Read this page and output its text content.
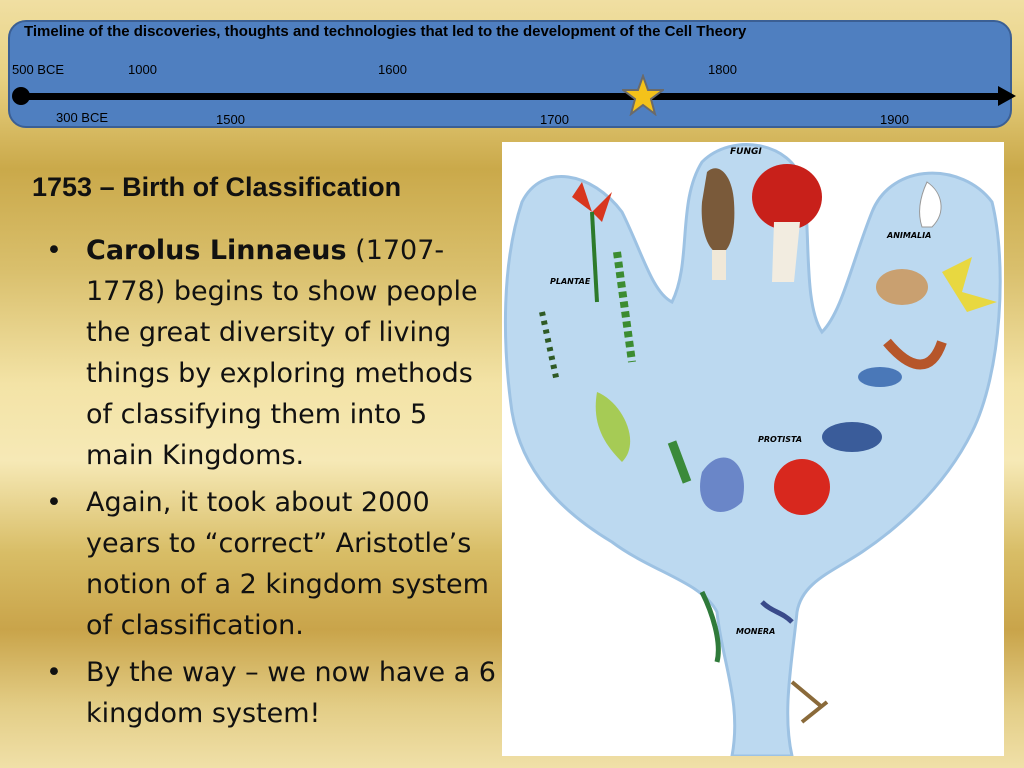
Timeline of the discoveries, thoughts and technologies that led to the development of the Cell Theory
500 BCE	1000	1600	1800
300 BCE	1500	1700	1900
1753 – Birth of Classification
• Carolus Linnaeus (1707-1778) begins to show people the great diversity of living things by exploring methods of classifying them into 5 main Kingdoms.
• Again, it took about 2000 years to “correct” Aristotle’s notion of a 2 kingdom system of classification.
• By the way – we now have a 6 kingdom system!
FUNGI
PLANTAE
ANIMALIA
PROTISTA
MONERA
